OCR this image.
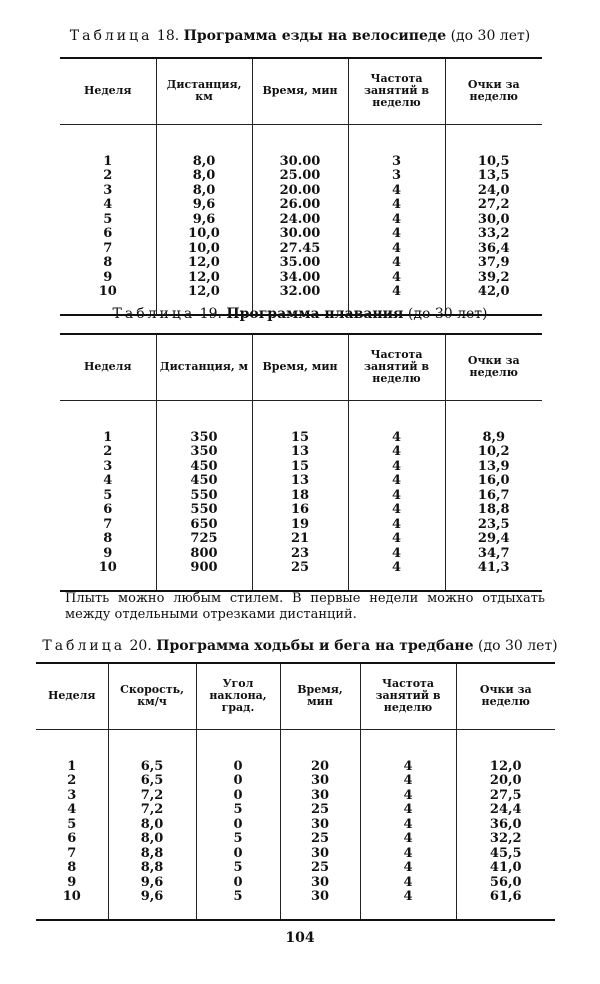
Таблица 18. Программа езды на велосипеде (до 30 лет)
Неделя	Дистанция, км	Время, мин	Частота занятий в неделю	Очки за неделю

1	8,0	30.00	3	10,5
2	8,0	25.00	3	13,5
3	8,0	20.00	4	24,0
4	9,6	26.00	4	27,2
5	9,6	24.00	4	30,0
6	10,0	30.00	4	33,2
7	10,0	27.45	4	36,4
8	12,0	35.00	4	37,9
9	12,0	34.00	4	39,2
10	12,0	32.00	4	42,0
Таблица 19. Программа плавания (до 30 лет)
Неделя	Дистанция, м	Время, мин	Частота занятий в неделю	Очки за неделю

1	350	15	4	8,9
2	350	13	4	10,2
3	450	15	4	13,9
4	450	13	4	16,0
5	550	18	4	16,7
6	550	16	4	18,8
7	650	19	4	23,5
8	725	21	4	29,4
9	800	23	4	34,7
10	900	25	4	41,3
Плыть можно любым стилем. В первые недели можно отдыхать между отдельными отрезками дистанций.
Таблица 20. Программа ходьбы и бега на тредбане (до 30 лет)
Неделя	Скорость, км/ч	Угол наклона, град.	Время, мин	Частота занятий в неделю	Очки за неделю

1	6,5	0	20	4	12,0
2	6,5	0	30	4	20,0
3	7,2	0	30	4	27,5
4	7,2	5	25	4	24,4
5	8,0	0	30	4	36,0
6	8,0	5	25	4	32,2
7	8,8	0	30	4	45,5
8	8,8	5	25	4	41,0
9	9,6	0	30	4	56,0
10	9,6	5	30	4	61,6
104
